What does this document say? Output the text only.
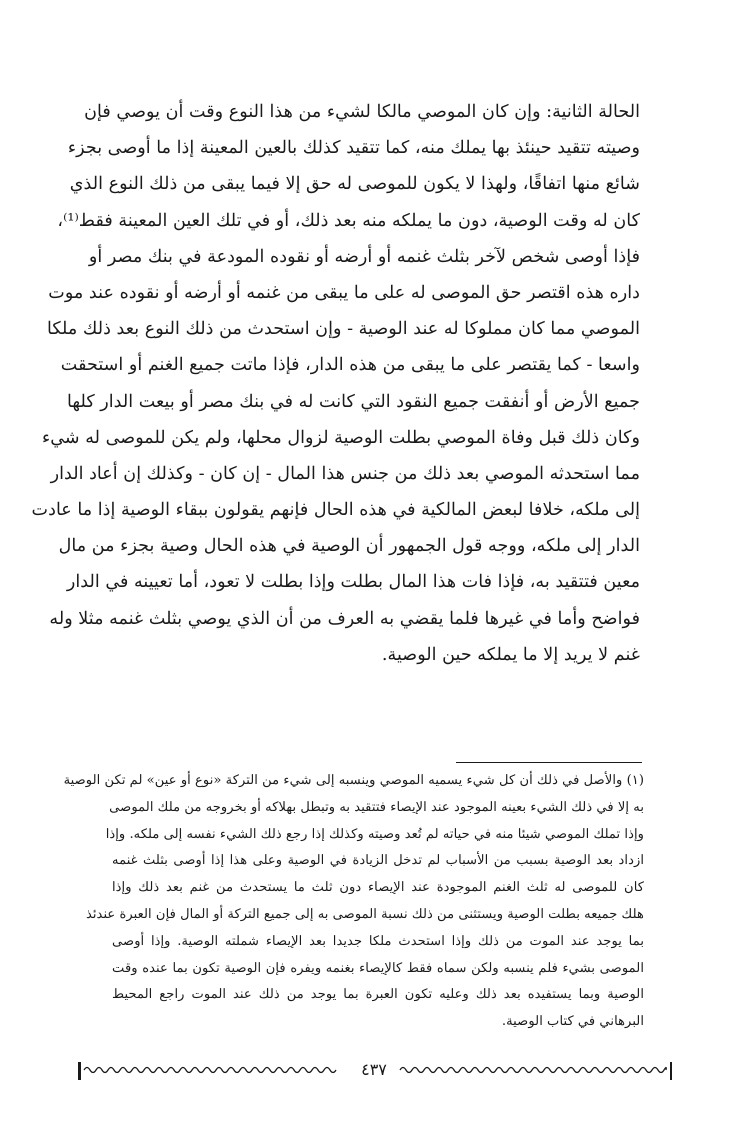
الحالة الثانية: وإن كان الموصي مالكا لشيء من هذا النوع وقت أن يوصي فإن
وصيته تتقيد حينئذ بها يملك منه، كما تتقيد كذلك بالعين المعينة إذا ما أوصى بجزء
شائع منها اتفاقًا، ولهذا لا يكون للموصى له حق إلا فيما يبقى من ذلك النوع الذي
كان له وقت الوصية، دون ما يملكه منه بعد ذلك، أو في تلك العين المعينة فقط⁽¹⁾،
فإذا أوصى شخص لآخر بثلث غنمه أو أرضه أو نقوده المودعة في بنك مصر أو
داره هذه اقتصر حق الموصى له على ما يبقى من غنمه أو أرضه أو نقوده عند موت
الموصي مما كان مملوكا له عند الوصية - وإن استحدث من ذلك النوع بعد ذلك ملكا
واسعا - كما يقتصر على ما يبقى من هذه الدار، فإذا ماتت جميع الغنم أو استحقت
جميع الأرض أو أنفقت جميع النقود التي كانت له في بنك مصر أو بيعت الدار كلها
وكان ذلك قبل وفاة الموصي بطلت الوصية لزوال محلها، ولم يكن للموصى له شيء
مما استحدثه الموصي بعد ذلك من جنس هذا المال - إن كان - وكذلك إن أعاد الدار
إلى ملكه، خلافا لبعض المالكية في هذه الحال فإنهم يقولون ببقاء الوصية إذا ما عادت
الدار إلى ملكه، ووجه قول الجمهور أن الوصية في هذه الحال وصية بجزء من مال
معين فتتقيد به، فإذا فات هذا المال بطلت وإذا بطلت لا تعود، أما تعيينه في الدار
فواضح وأما في غيرها فلما يقضي به العرف من أن الذي يوصي بثلث غنمه مثلا وله
غنم لا يريد إلا ما يملكه حين الوصية.
(١) والأصل في ذلك أن كل شيء يسميه الموصي وينسبه إلى شيء من التركة «نوع أو عين» لم تكن الوصية
به إلا في ذلك الشيء بعينه الموجود عند الإيصاء فتتقيد به وتبطل بهلاكه أو بخروجه من ملك الموصى
وإذا تملك الموصي شيئا منه في حياته لم تُعد وصيته وكذلك إذا رجع ذلك الشيء نفسه إلى ملكه. وإذا
ازداد بعد الوصية بسبب من الأسباب لم تدخل الزيادة في الوصية وعلى هذا إذا أوصى بثلث غنمه
كان للموصى له ثلث الغنم الموجودة عند الإيصاء دون ثلث ما يستحدث من غنم بعد ذلك وإذا
هلك جميعه بطلت الوصية ويستثنى من ذلك نسبة الموصى به إلى جميع التركة أو المال فإن العبرة عندئذ
بما يوجد عند الموت من ذلك وإذا استحدث ملكا جديدا بعد الإيصاء شملته الوصية. وإذا أوصى
الموصى بشيء فلم ينسبه ولكن سماه فقط كالإيصاء بغنمه ويفره فإن الوصية تكون بما عنده وقت
الوصية وبما يستفيده بعد ذلك وعليه تكون العبرة بما يوجد من ذلك عند الموت راجع المحيط
البرهاني في كتاب الوصية.
٤٣٧
